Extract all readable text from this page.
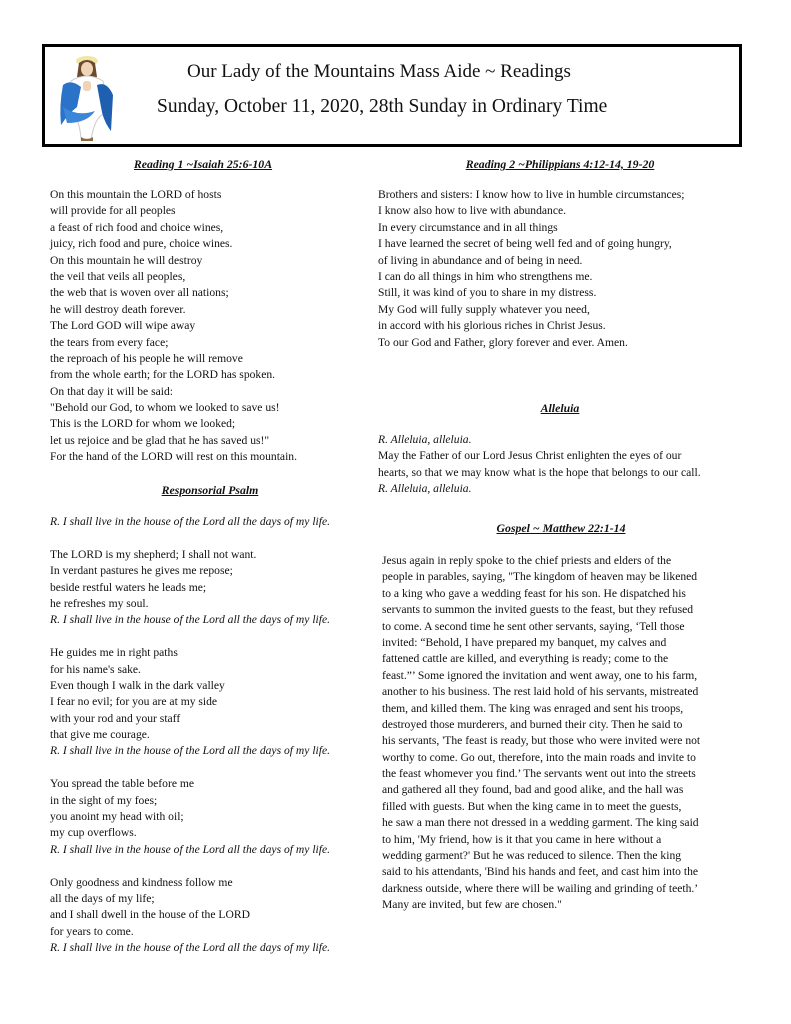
Our Lady of the Mountains Mass Aide ~ Readings
Sunday, October 11, 2020, 28th Sunday in Ordinary Time
Reading 1 ~Isaiah 25:6-10A
On this mountain the LORD of hosts
will provide for all peoples
a feast of rich food and choice wines,
juicy, rich food and pure, choice wines.
On this mountain he will destroy
the veil that veils all peoples,
the web that is woven over all nations;
he will destroy death forever.
The Lord GOD will wipe away
the tears from every face;
the reproach of his people he will remove
from the whole earth; for the LORD has spoken.
On that day it will be said:
"Behold our God, to whom we looked to save us!
This is the LORD for whom we looked;
let us rejoice and be glad that he has saved us!"
For the hand of the LORD will rest on this mountain.
Responsorial Psalm
R. I shall live in the house of the Lord all the days of my life.
The LORD is my shepherd; I shall not want.
In verdant pastures he gives me repose;
beside restful waters he leads me;
he refreshes my soul.
R. I shall live in the house of the Lord all the days of my life.
He guides me in right paths
for his name's sake.
Even though I walk in the dark valley
I fear no evil; for you are at my side
with your rod and your staff
that give me courage.
R. I shall live in the house of the Lord all the days of my life.
You spread the table before me
in the sight of my foes;
you anoint my head with oil;
my cup overflows.
R. I shall live in the house of the Lord all the days of my life.
Only goodness and kindness follow me
all the days of my life;
and I shall dwell in the house of the LORD
for years to come.
R. I shall live in the house of the Lord all the days of my life.
Reading 2 ~Philippians 4:12-14, 19-20
Brothers and sisters: I know how to live in humble circumstances;
I know also how to live with abundance.
In every circumstance and in all things
I have learned the secret of being well fed and of going hungry,
of living in abundance and of being in need.
I can do all things in him who strengthens me.
Still, it was kind of you to share in my distress.
My God will fully supply whatever you need,
in accord with his glorious riches in Christ Jesus.
To our God and Father, glory forever and ever. Amen.
Alleluia
R. Alleluia, alleluia.
May the Father of our Lord Jesus Christ enlighten the eyes of our
hearts, so that we may know what is the hope that belongs to our call.
R. Alleluia, alleluia.
Gospel ~ Matthew 22:1-14
Jesus again in reply spoke to the chief priests and elders of the
people in parables, saying, "The kingdom of heaven may be likened
to a king who gave a wedding feast for his son. He dispatched his
servants to summon the invited guests to the feast, but they refused
to come. A second time he sent other servants, saying, ‘Tell those
invited: “Behold, I have prepared my banquet, my calves and
fattened cattle are killed, and everything is ready; come to the
feast.”’ Some ignored the invitation and went away, one to his farm,
another to his business. The rest laid hold of his servants, mistreated
them, and killed them. The king was enraged and sent his troops,
destroyed those murderers, and burned their city. Then he said to
his servants, 'The feast is ready, but those who were invited were not
worthy to come. Go out, therefore, into the main roads and invite to
the feast whomever you find.’ The servants went out into the streets
and gathered all they found, bad and good alike, and the hall was
filled with guests. But when the king came in to meet the guests,
he saw a man there not dressed in a wedding garment. The king said
to him, 'My friend, how is it that you came in here without a
wedding garment?' But he was reduced to silence. Then the king
said to his attendants, 'Bind his hands and feet, and cast him into the
darkness outside, where there will be wailing and grinding of teeth.’
Many are invited, but few are chosen."
